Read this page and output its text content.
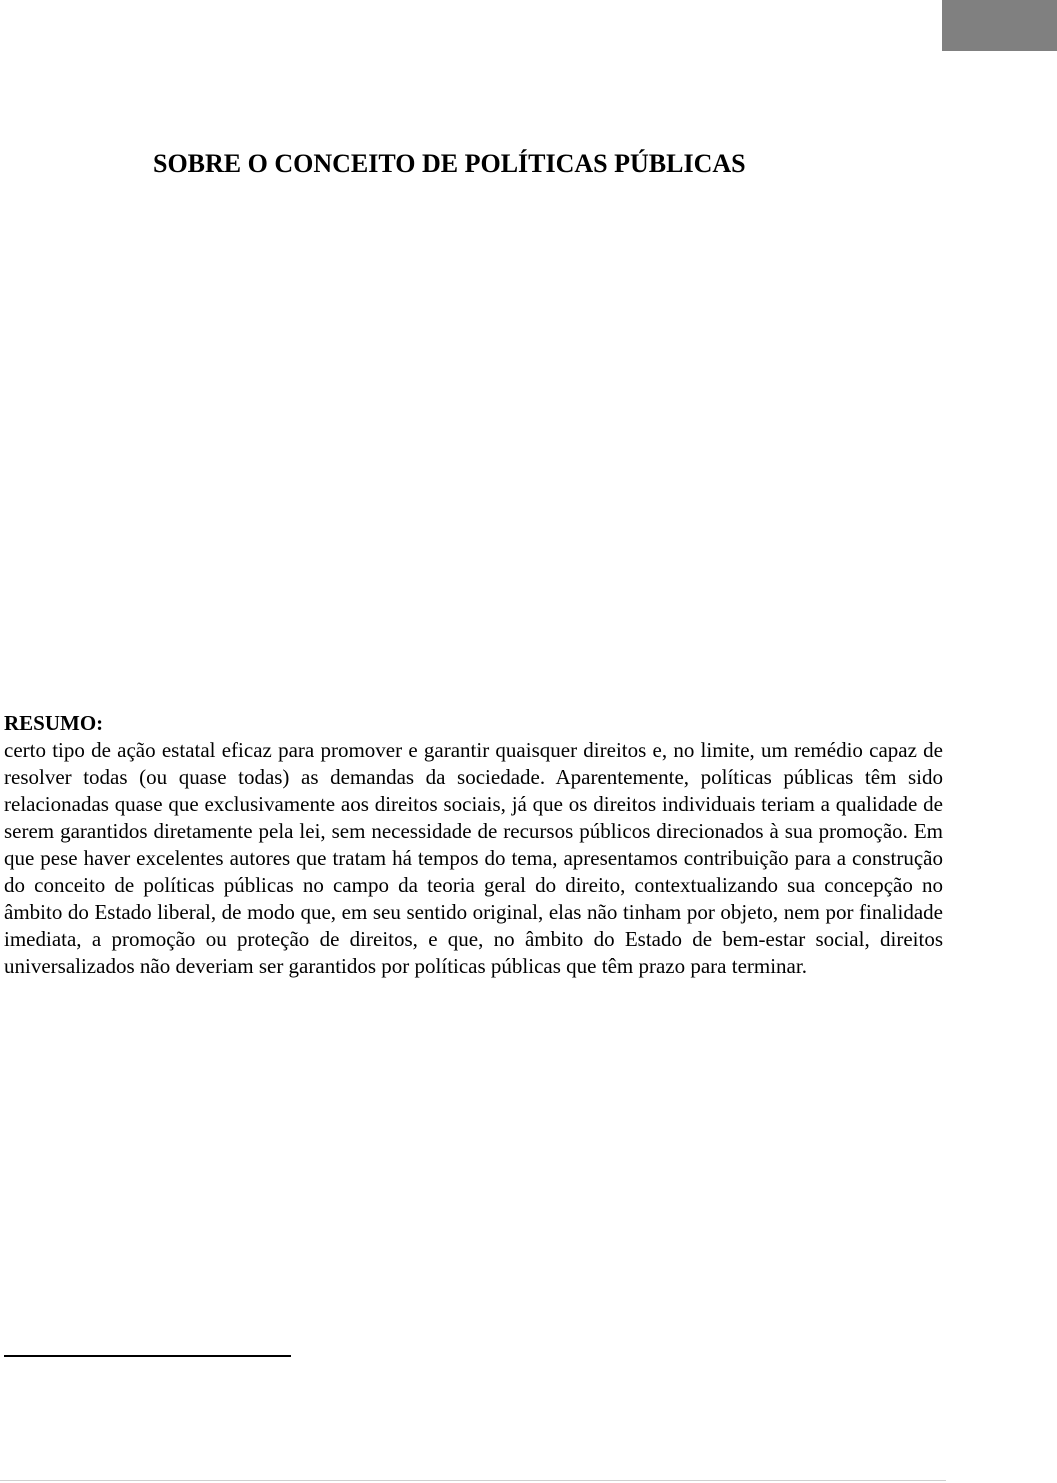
SOBRE O CONCEITO DE POLÍTICAS PÚBLICAS
RESUMO:
certo tipo de ação estatal eficaz para promover e garantir quaisquer direitos e, no limite, um remédio capaz de resolver todas (ou quase todas) as demandas da sociedade. Aparentemente, políticas públicas têm sido relacionadas quase que exclusivamente aos direitos sociais, já que os direitos individuais teriam a qualidade de serem garantidos diretamente pela lei, sem necessidade de recursos públicos direcionados à sua promoção. Em que pese haver excelentes autores que tratam há tempos do tema, apresentamos contribuição para a construção do conceito de políticas públicas no campo da teoria geral do direito, contextualizando sua concepção no âmbito do Estado liberal, de modo que, em seu sentido original, elas não tinham por objeto, nem por finalidade imediata, a promoção ou proteção de direitos, e que, no âmbito do Estado de bem-estar social, direitos universalizados não deveriam ser garantidos por políticas públicas que têm prazo para terminar.
